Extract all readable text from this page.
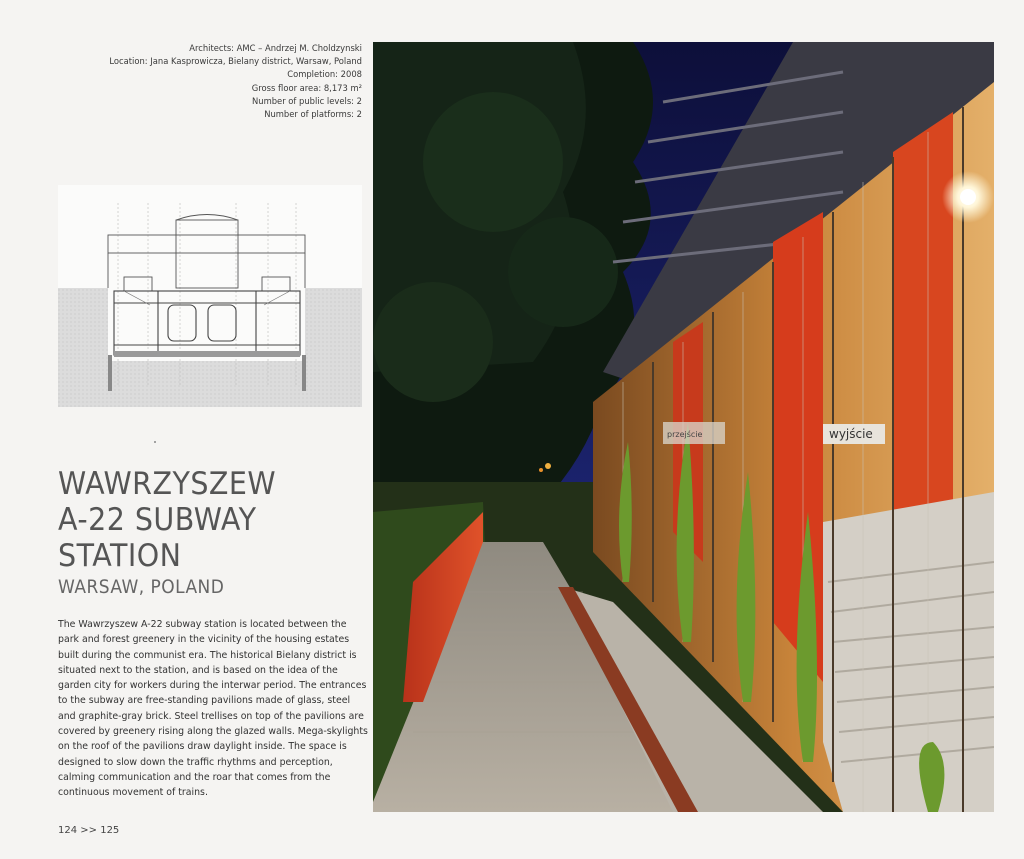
Architects: AMC – Andrzej M. Choldzynski
Location: Jana Kasprowicza, Bielany district, Warsaw, Poland
Completion: 2008
Gross floor area: 8,173 m²
Number of public levels: 2
Number of platforms: 2
WAWRZYSZEW
A-22 SUBWAY
STATION
WARSAW, POLAND
The Wawrzyszew A-22 subway station is located between the park and forest greenery in the vicinity of the housing estates built during the communist era. The historical Bielany district is situated next to the station, and is based on the idea of the garden city for workers during the interwar period. The entrances to the subway are free-standing pavilions made of glass, steel and graphite-gray brick. Steel trellises on top of the pavilions are covered by greenery rising along the glazed walls. Mega-skylights on the roof of the pavilions draw daylight inside. The space is designed to slow down the traffic rhythms and perception, calming communication and the roar that comes from the continuous movement of trains.
124 >> 125
wyjście
przejście
